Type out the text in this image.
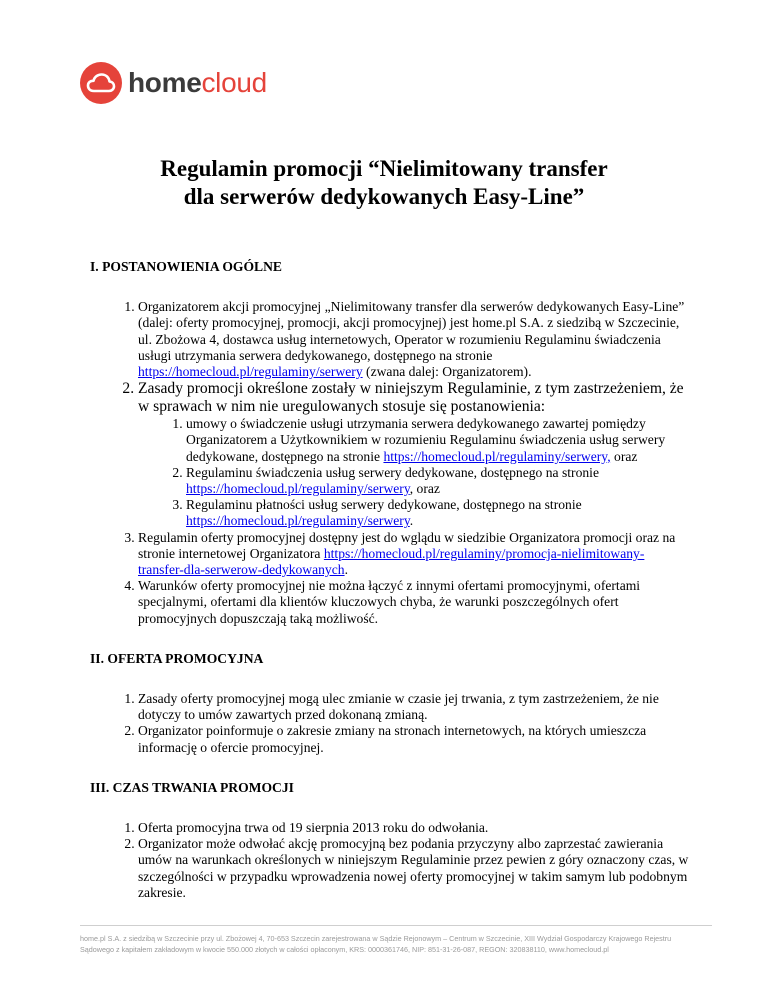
homecloud
Regulamin promocji “Nielimitowany transfer
dla serwerów dedykowanych Easy-Line”
I. POSTANOWIENIA OGÓLNE
1. Organizatorem akcji promocyjnej „Nielimitowany transfer dla serwerów dedykowanych Easy-Line” (dalej: oferty promocyjnej, promocji, akcji promocyjnej) jest home.pl S.A. z siedzibą w Szczecinie, ul. Zbożowa 4, dostawca usług internetowych, Operator w rozumieniu Regulaminu świadczenia usługi utrzymania serwera dedykowanego, dostępnego na stronie https://homecloud.pl/regulaminy/serwery (zwana dalej: Organizatorem).
2. Zasady promocji określone zostały w niniejszym Regulaminie, z tym zastrzeżeniem, że w sprawach w nim nie uregulowanych stosuje się postanowienia:
1. umowy o świadczenie usługi utrzymania serwera dedykowanego zawartej pomiędzy Organizatorem a Użytkownikiem w rozumieniu Regulaminu świadczenia usług serwery dedykowane, dostępnego na stronie https://homecloud.pl/regulaminy/serwery, oraz
2. Regulaminu świadczenia usług serwery dedykowane, dostępnego na stronie https://homecloud.pl/regulaminy/serwery, oraz
3. Regulaminu płatności usług serwery dedykowane, dostępnego na stronie https://homecloud.pl/regulaminy/serwery.
3. Regulamin oferty promocyjnej dostępny jest do wglądu w siedzibie Organizatora promocji oraz na stronie internetowej Organizatora https://homecloud.pl/regulaminy/promocja-nielimitowany-transfer-dla-serwerow-dedykowanych.
4. Warunków oferty promocyjnej nie można łączyć z innymi ofertami promocyjnymi, ofertami specjalnymi, ofertami dla klientów kluczowych chyba, że warunki poszczególnych ofert promocyjnych dopuszczają taką możliwość.
II. OFERTA PROMOCYJNA
1. Zasady oferty promocyjnej mogą ulec zmianie w czasie jej trwania, z tym zastrzeżeniem, że nie dotyczy to umów zawartych przed dokonaną zmianą.
2. Organizator poinformuje o zakresie zmiany na stronach internetowych, na których umieszcza informację o ofercie promocyjnej.
III. CZAS TRWANIA PROMOCJI
1. Oferta promocyjna trwa od 19 sierpnia 2013 roku do odwołania.
2. Organizator może odwołać akcję promocyjną bez podania przyczyny albo zaprzestać zawierania umów na warunkach określonych w niniejszym Regulaminie przez pewien z góry oznaczony czas, w szczególności w przypadku wprowadzenia nowej oferty promocyjnej w takim samym lub podobnym zakresie.
home.pl S.A. z siedzibą w Szczecinie przy ul. Zbożowej 4, 70-653 Szczecin zarejestrowana w Sądzie Rejonowym – Centrum w Szczecinie, XIII Wydział Gospodarczy Krajowego Rejestru
Sądowego z kapitałem zakładowym w kwocie 550.000 złotych w całości opłaconym, KRS: 0000361746, NIP: 851-31-26-087, REGON: 320838110, www.homecloud.pl
